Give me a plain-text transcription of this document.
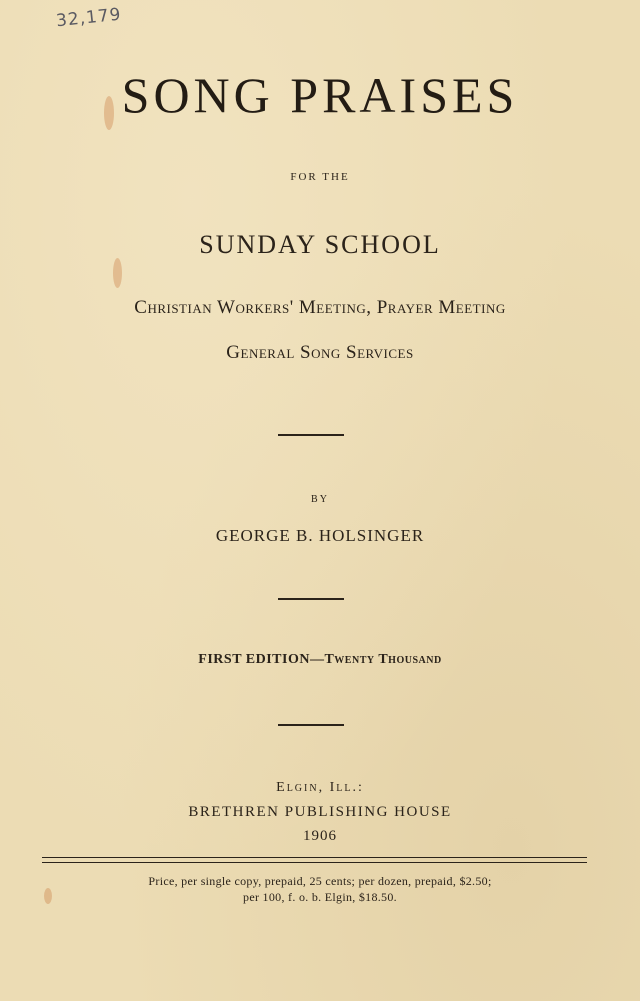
32,179
SONG PRAISES
FOR THE
SUNDAY SCHOOL
Christian Workers' Meeting, Prayer Meeting
General Song Services
BY
GEORGE B. HOLSINGER
FIRST EDITION—Twenty Thousand
Elgin, Ill.:
BRETHREN PUBLISHING HOUSE
1906
Price, per single copy, prepaid, 25 cents; per dozen, prepaid, $2.50;
per 100, f. o. b. Elgin, $18.50.
